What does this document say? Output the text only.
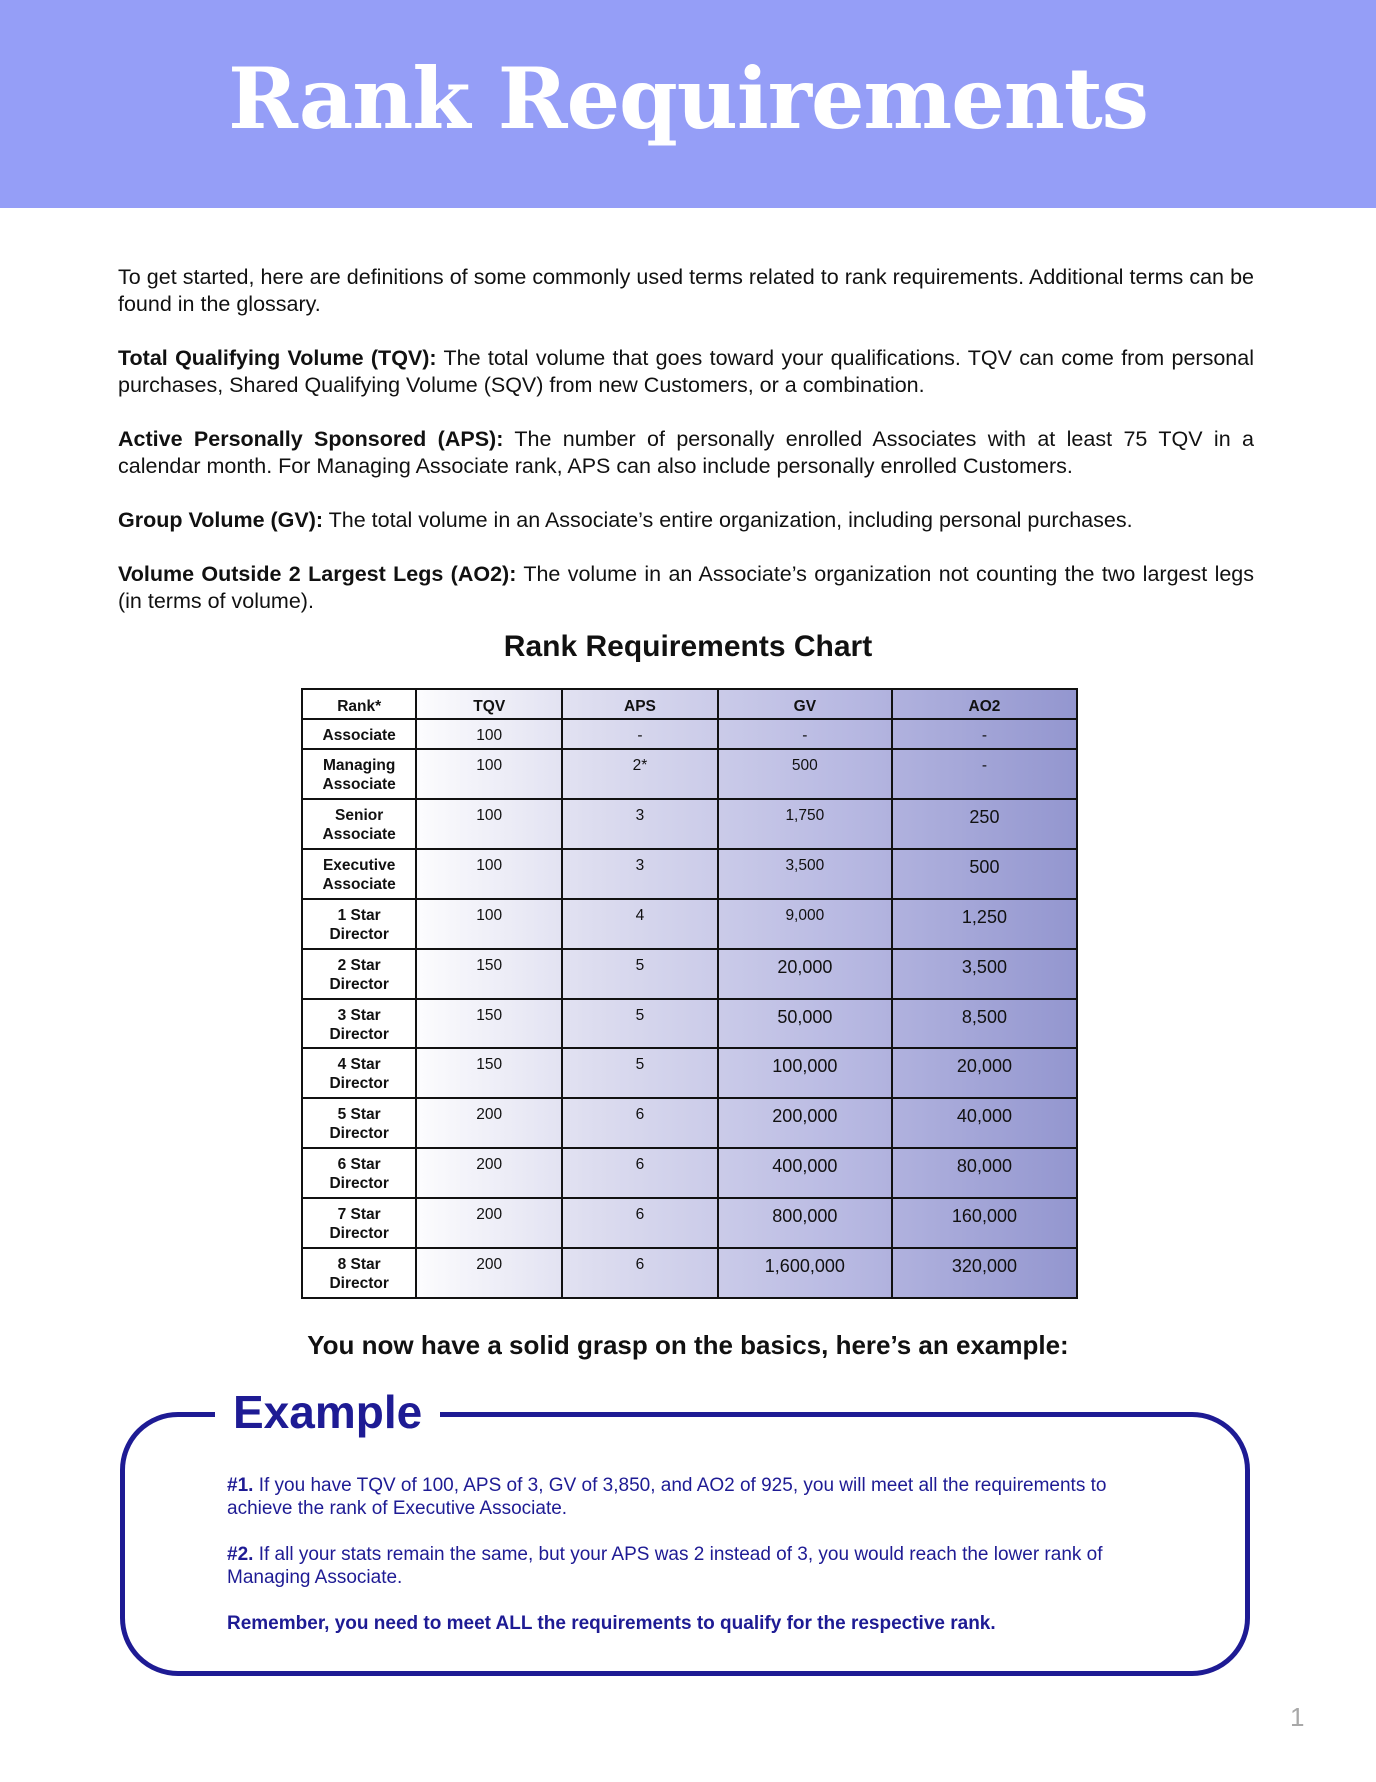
Rank Requirements

To get started, here are definitions of some commonly used terms related to rank requirements. Additional terms can be found in the glossary.

Total Qualifying Volume (TQV): The total volume that goes toward your qualifications. TQV can come from personal purchases, Shared Qualifying Volume (SQV) from new Customers, or a combination.

Active Personally Sponsored (APS): The number of personally enrolled Associates with at least 75 TQV in a calendar month. For Managing Associate rank, APS can also include personally enrolled Customers.

Group Volume (GV): The total volume in an Associate’s entire organization, including personal purchases.

Volume Outside 2 Largest Legs (AO2): The volume in an Associate’s organization not counting the two largest legs (in terms of volume).

Rank Requirements Chart
Rank*	TQV	APS	GV	AO2

Associate	100	-	-	-

Managing
Associate	100	2*	500	-

Senior
Associate	100	3	1,750	250

Executive
Associate	100	3	3,500	500

1 Star
Director	100	4	9,000	1,250

2 Star
Director	150	5	20,000	3,500

3 Star
Director	150	5	50,000	8,500

4 Star
Director	150	5	100,000	20,000

5 Star
Director	200	6	200,000	40,000

6 Star
Director	200	6	400,000	80,000

7 Star
Director	200	6	800,000	160,000

8 Star
Director	200	6	1,600,000	320,000
You now have a solid grasp on the basics, here’s an example:
Example

#1. If you have TQV of 100, APS of 3, GV of 3,850, and AO2 of 925, you will meet all the requirements to achieve the rank of Executive Associate.

#2. If all your stats remain the same, but your APS was 2 instead of 3, you would reach the lower rank of Managing Associate.

Remember, you need to meet ALL the requirements to qualify for the respective rank.

1
